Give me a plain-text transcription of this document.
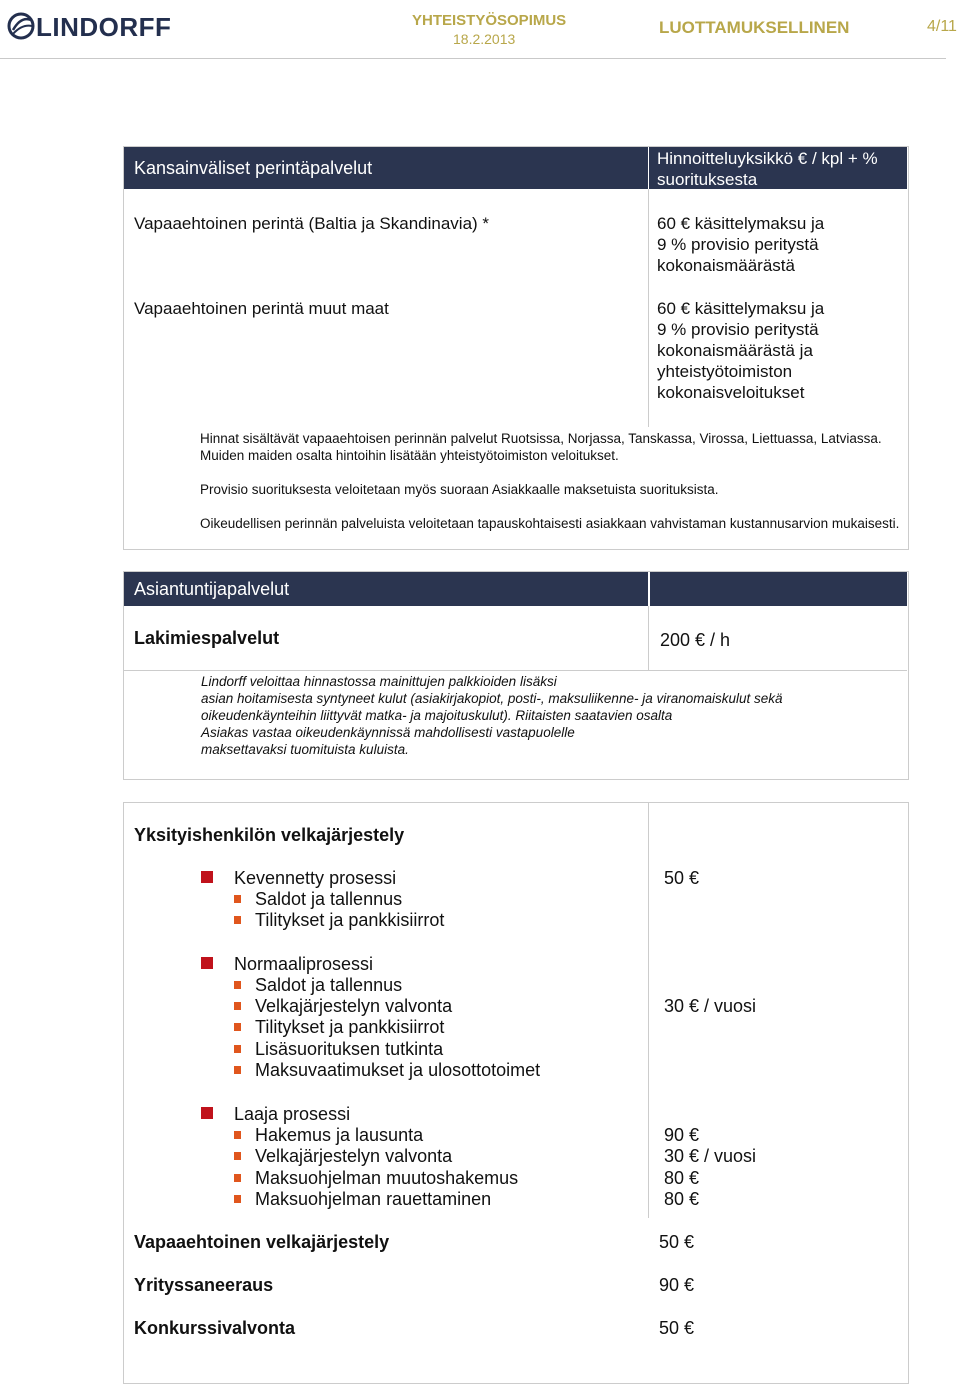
LINDORFF	YHTEISTYÖSOPIMUS
18.2.2013
LUOTTAMUKSELLINEN	4/11
Kansainväliset perintäpalvelut	Hinnoitteluyksikkö € / kpl + % suorituksesta
Vapaaehtoinen perintä (Baltia ja Skandinavia) *	60 € käsittelymaksu ja
9 % provisio peritystä
kokonaismäärästä
Vapaaehtoinen perintä muut maat	60 € käsittelymaksu ja
9 % provisio peritystä
kokonaismäärästä ja
yhteistyötoimiston
kokonaisveloitukset
Hinnat sisältävät vapaaehtoisen perinnän palvelut Ruotsissa, Norjassa, Tanskassa, Virossa, Liettuassa, Latviassa. Muiden maiden osalta hintoihin lisätään yhteistyötoimiston veloitukset.
Provisio suorituksesta veloitetaan myös suoraan Asiakkaalle maksetuista suorituksista.
Oikeudellisen perinnän palveluista veloitetaan tapauskohtaisesti asiakkaan vahvistaman kustannusarvion mukaisesti.
Asiantuntijapalvelut
Lakimiespalvelut	200 € / h
Lindorff veloittaa hinnastossa mainittujen palkkioiden lisäksi
asian hoitamisesta syntyneet kulut (asiakirjakopiot, posti-, maksuliikenne- ja viranomaiskulut sekä
oikeudenkäynteihin liittyvät matka- ja majoituskulut). Riitaisten saatavien osalta
Asiakas vastaa oikeudenkäynnissä mahdollisesti vastapuolelle
maksettavaksi tuomituista kuluista.
Yksityishenkilön velkajärjestely
Kevennetty prosessi	50 €
Saldot ja tallennus
Tilitykset ja pankkisiirrot
Normaaliprosessi
Saldot ja tallennus
Velkajärjestelyn valvonta	30 € / vuosi
Tilitykset ja pankkisiirrot
Lisäsuorituksen tutkinta
Maksuvaatimukset ja ulosottotoimet
Laaja prosessi
Hakemus ja lausunta	90 €
Velkajärjestelyn valvonta	30 € / vuosi
Maksuohjelman muutoshakemus	80 €
Maksuohjelman rauettaminen	80 €
Vapaaehtoinen velkajärjestely	50 €
Yrityssaneeraus	90 €
Konkurssivalvonta	50 €
